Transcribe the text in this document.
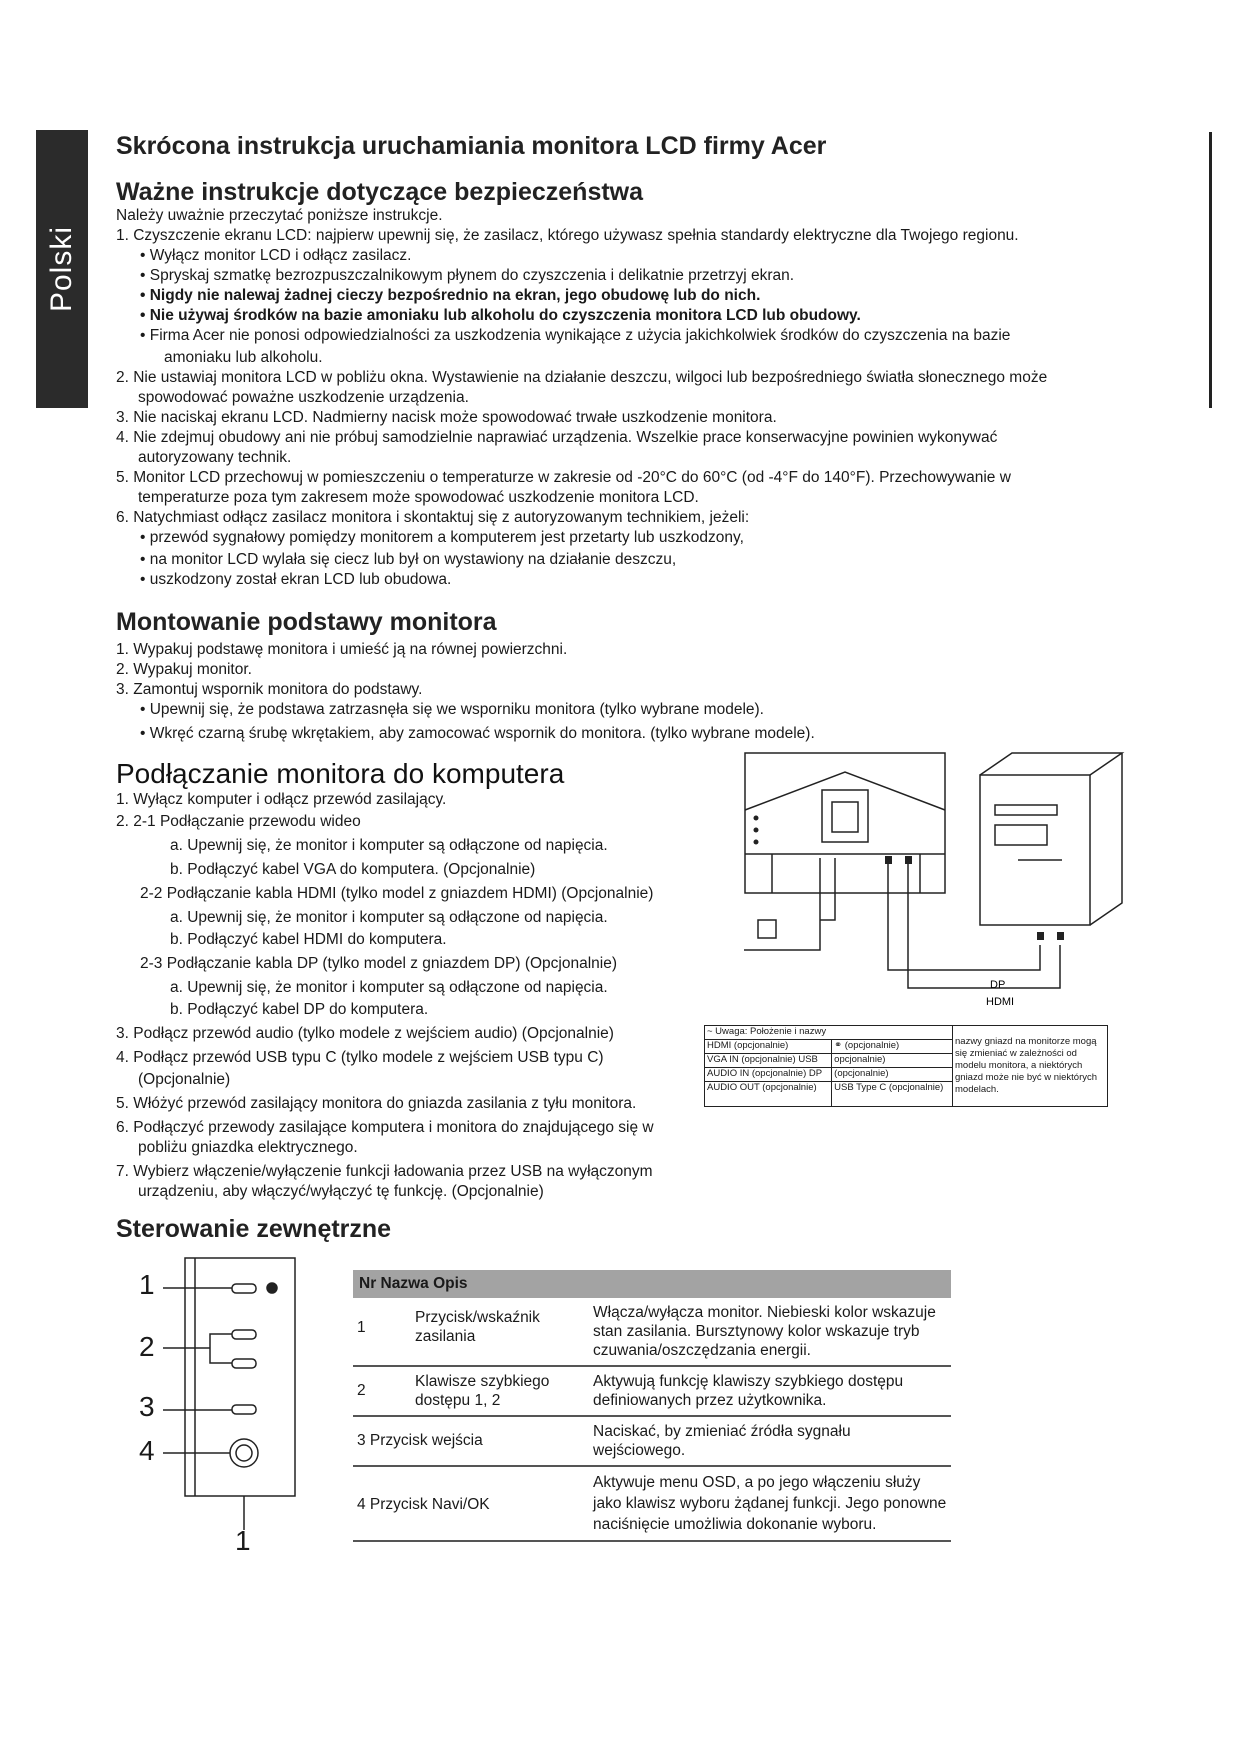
Polski
Skrócona instrukcja uruchamiania monitora LCD firmy Acer
Ważne instrukcje dotyczące bezpieczeństwa
Należy uważnie przeczytać poniższe instrukcje.
1. Czyszczenie ekranu LCD: najpierw upewnij się, że zasilacz, którego używasz spełnia standardy elektryczne dla Twojego regionu.
• Wyłącz monitor LCD i odłącz zasilacz.
• Spryskaj szmatkę bezrozpuszczalnikowym płynem do czyszczenia i delikatnie przetrzyj ekran.
• Nigdy nie nalewaj żadnej cieczy bezpośrednio na ekran, jego obudowę lub do nich.
• Nie używaj środków na bazie amoniaku lub alkoholu do czyszczenia monitora LCD lub obudowy.
• Firma Acer nie ponosi odpowiedzialności za uszkodzenia wynikające z użycia jakichkolwiek środków do czyszczenia na bazie
amoniaku lub alkoholu.
2. Nie ustawiaj monitora LCD w pobliżu okna. Wystawienie na działanie deszczu, wilgoci lub bezpośredniego światła słonecznego może
spowodować poważne uszkodzenie urządzenia.
3. Nie naciskaj ekranu LCD. Nadmierny nacisk może spowodować trwałe uszkodzenie monitora.
4. Nie zdejmuj obudowy ani nie próbuj samodzielnie naprawiać urządzenia. Wszelkie prace konserwacyjne powinien wykonywać
autoryzowany technik.
5. Monitor LCD przechowuj w pomieszczeniu o temperaturze w zakresie od -20°C do 60°C (od -4°F do 140°F). Przechowywanie w
temperaturze poza tym zakresem może spowodować uszkodzenie monitora LCD.
6. Natychmiast odłącz zasilacz monitora i skontaktuj się z autoryzowanym technikiem, jeżeli:
• przewód sygnałowy pomiędzy monitorem a komputerem jest przetarty lub uszkodzony,
• na monitor LCD wylała się ciecz lub był on wystawiony na działanie deszczu,
• uszkodzony został ekran LCD lub obudowa.
Montowanie podstawy monitora
1. Wypakuj podstawę monitora i umieść ją na równej powierzchni.
2. Wypakuj monitor.
3. Zamontuj wspornik monitora do podstawy.
• Upewnij się, że podstawa zatrzasnęła się we wsporniku monitora (tylko wybrane modele).
• Wkręć czarną śrubę wkrętakiem, aby zamocować wspornik do monitora. (tylko wybrane modele).
Podłączanie monitora do komputera
1. Wyłącz komputer i odłącz przewód zasilający.
2. 2-1 Podłączanie przewodu wideo
a. Upewnij się, że monitor i komputer są odłączone od napięcia.
b. Podłączyć kabel VGA do komputera. (Opcjonalnie)
2-2 Podłączanie kabla HDMI (tylko model z gniazdem HDMI) (Opcjonalnie)
a. Upewnij się, że monitor i komputer są odłączone od napięcia.
b. Podłączyć kabel HDMI do komputera.
2-3 Podłączanie kabla DP (tylko model z gniazdem DP) (Opcjonalnie)
a. Upewnij się, że monitor i komputer są odłączone od napięcia.
b. Podłączyć kabel DP do komputera.
3. Podłącz przewód audio (tylko modele z wejściem audio) (Opcjonalnie)
4. Podłącz przewód USB typu C (tylko modele z wejściem USB typu C)
(Opcjonalnie)
5. Włóżyć przewód zasilający monitora do gniazda zasilania z tyłu monitora.
6. Podłączyć przewody zasilające komputera i monitora do znajdującego się w
pobliżu gniazdka elektrycznego.
7. Wybierz włączenie/wyłączenie funkcji ładowania przez USB na wyłączonym
urządzeniu, aby włączyć/wyłączyć tę funkcję. (Opcjonalnie)
DP
HDMI
~ Uwaga: Położenie i nazwy		nazwy gniazd na monitorze mogą się zmieniać w zależności od modelu monitora, a niektórych gniazd może nie być w niektórych modelach.
HDMI (opcjonalnie)	⚭ (opcjonalnie)	
VGA IN (opcjonalnie) USB	opcjonalnie)	
AUDIO IN (opcjonalnie) DP	(opcjonalnie)	
AUDIO OUT (opcjonalnie)	USB Type C (opcjonalnie)	
Sterowanie zewnętrzne
1
2
3
4
1
Nr Nazwa Opis		
1	Przycisk/wskaźnik zasilania	Włącza/wyłącza monitor. Niebieski kolor wskazuje stan zasilania. Bursztynowy kolor wskazuje tryb czuwania/oszczędzania energii.
2	Klawisze szybkiego dostępu 1, 2	Aktywują funkcję klawiszy szybkiego dostępu definiowanych przez użytkownika.
3 Przycisk wejścia		Naciskać, by zmieniać źródła sygnału wejściowego.
4 Przycisk Navi/OK		Aktywuje menu OSD, a po jego włączeniu służy jako klawisz wyboru żądanej funkcji. Jego ponowne naciśnięcie umożliwia dokonanie wyboru.
